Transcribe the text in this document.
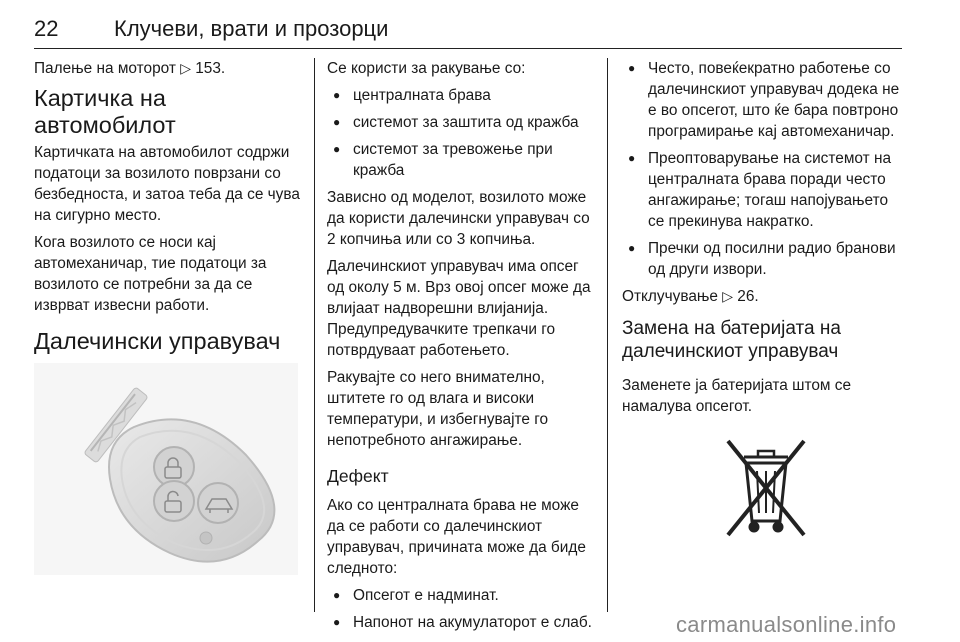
22	Клучеви, врати и прозорци

Палење на моторот ▷ 153.

Картичка на автомобилот

Картичката на автомобилот содржи податоци за возилото поврзани со безбедноста, и затоа теба да се чува на сигурно место.

Кога возилото се носи кај автомеханичар, тие податоци за возилото се потребни за да се изврват извесни работи.

Далечински управувач

Се користи за ракување со:

● централната брава
● системот за заштита од кражба
● системот за тревожење при кражба

Зависно од моделот, возилото може да користи далечински управувач со 2 копчиња или со 3 копчиња.

Далечинскиот управувач има опсег од околу 5 м. Врз овој опсег може да влијаат надворешни влијанија. Предупредувачките трепкачи го потврдуваат работењето.

Ракувајте со него внимателно, штитете го од влага и високи температури, и избегнувајте го непотребното ангажирање.

Дефект

Ако со централната брава не може да се работи со далечинскиот управувач, причината може да биде следното:

● Опсегот е надминат.
● Напонот на акумулаторот е слаб.
● Често, повеќекратно работење со далечинскиот управувач додека не е во опсегот, што ќе бара повтроно програмирање кај автомеханичар.
● Преоптоварување на системот на централната брава поради често ангажирање; тогаш напојувањето се прекинува накратко.
● Пречки од посилни радио бранови од други извори.

Отклучување ▷ 26.

Замена на батеријата на далечинскиот управувач

Заменете ја батеријата штом се намалува опсегот.

carmanualsonline.info
